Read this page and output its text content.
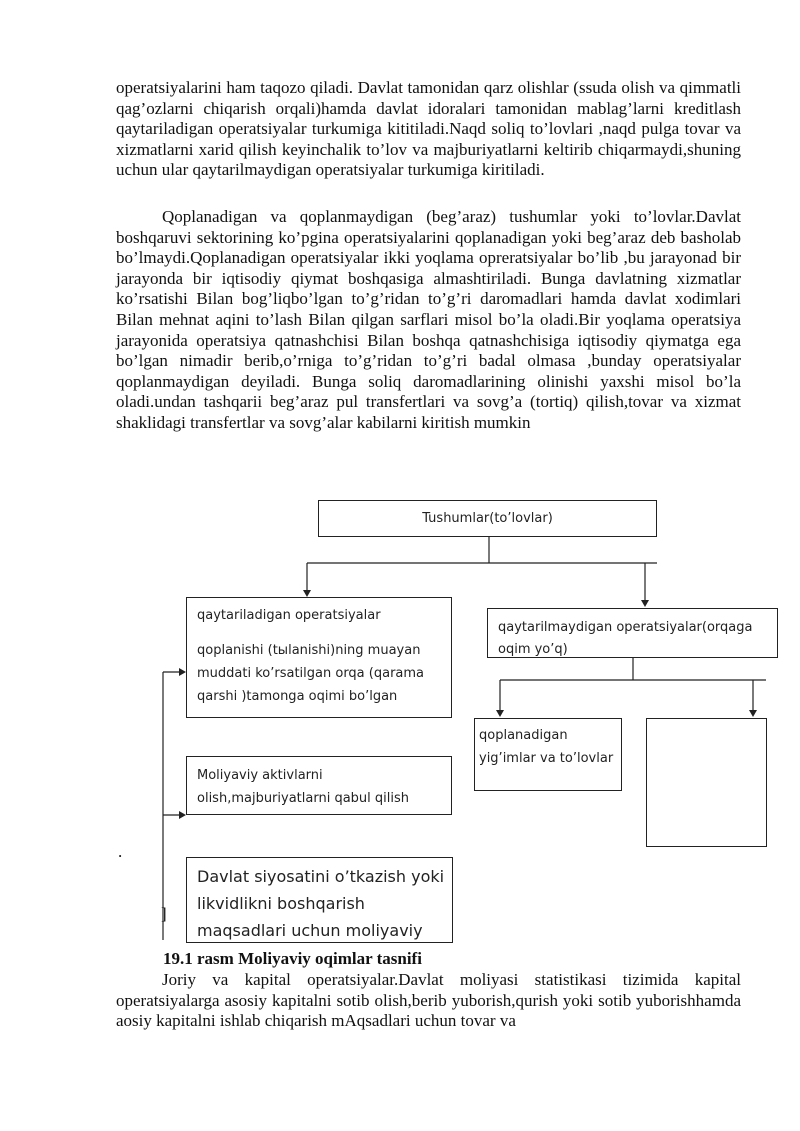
operatsiyalarini ham taqozo qiladi. Davlat tamonidan qarz olishlar (ssuda olish va qimmatli qag’ozlarni chiqarish orqali)hamda davlat idoralari tamonidan mablag’larni kreditlash qaytariladigan operatsiyalar turkumiga kititiladi.Naqd soliq to’lovlari ,naqd pulga tovar va xizmatlarni xarid qilish keyinchalik to’lov va majburiyatlarni keltirib chiqarmaydi,shuning uchun ular qaytarilmaydigan operatsiyalar turkumiga kiritiladi.

Qoplanadigan va qoplanmaydigan (beg’araz) tushumlar yoki to’lovlar.Davlat boshqaruvi sektorining ko’pgina operatsiyalarini qoplanadigan yoki beg’araz deb basholab bo’lmaydi.Qoplanadigan operatsiyalar ikki yoqlama opreratsiyalar bo’lib ,bu jarayonad bir jarayonda bir iqtisodiy qiymat boshqasiga almashtiriladi. Bunga davlatning xizmatlar ko’rsatishi Bilan bog’liqbo’lgan to’g’ridan to’g’ri daromadlari hamda davlat xodimlari Bilan mehnat aqini to’lash Bilan qilgan sarflari misol bo’la oladi.Bir yoqlama operatsiya jarayonida operatsiya qatnashchisi Bilan boshqa qatnashchisiga iqtisodiy qiymatga ega bo’lgan nimadir berib,o’rniga to’g’ridan to’g’ri badal olmasa ,bunday operatsiyalar qoplanmaydigan deyiladi. Bunga soliq daromadlarining olinishi yaxshi misol bo’la oladi.undan tashqarii beg’araz pul transfertlari va sovg’a (tortiq) qilish,tovar va xizmat shaklidagi transfertlar va sovg’alar kabilarni kiritish mumkin

Tushumlar(to’lovlar)
qaytariladigan operatsiyalar
qoplanishi (tыlanishi)ning muayan muddati ko’rsatilgan orqa (qarama qarshi )tamonga oqimi bo’lgan
qaytarilmaydigan operatsiyalar(orqaga oqim yo’q)
Moliyaviy aktivlarni olish,majburiyatlarni qabul qilish
Davlat siyosatini o’tkazish yoki likvidlikni boshqarish maqsadlari uchun moliyaviy
qoplanadigan yig’imlar va to’lovlar
.
]
19.1 rasm Moliyaviy oqimlar tasnifi

Joriy va kapital operatsiyalar.Davlat moliyasi statistikasi tizimida kapital operatsiyalarga asosiy kapitalni sotib olish,berib yuborish,qurish yoki sotib yuborishhamda aosiy kapitalni ishlab chiqarish mAqsadlari uchun tovar va
